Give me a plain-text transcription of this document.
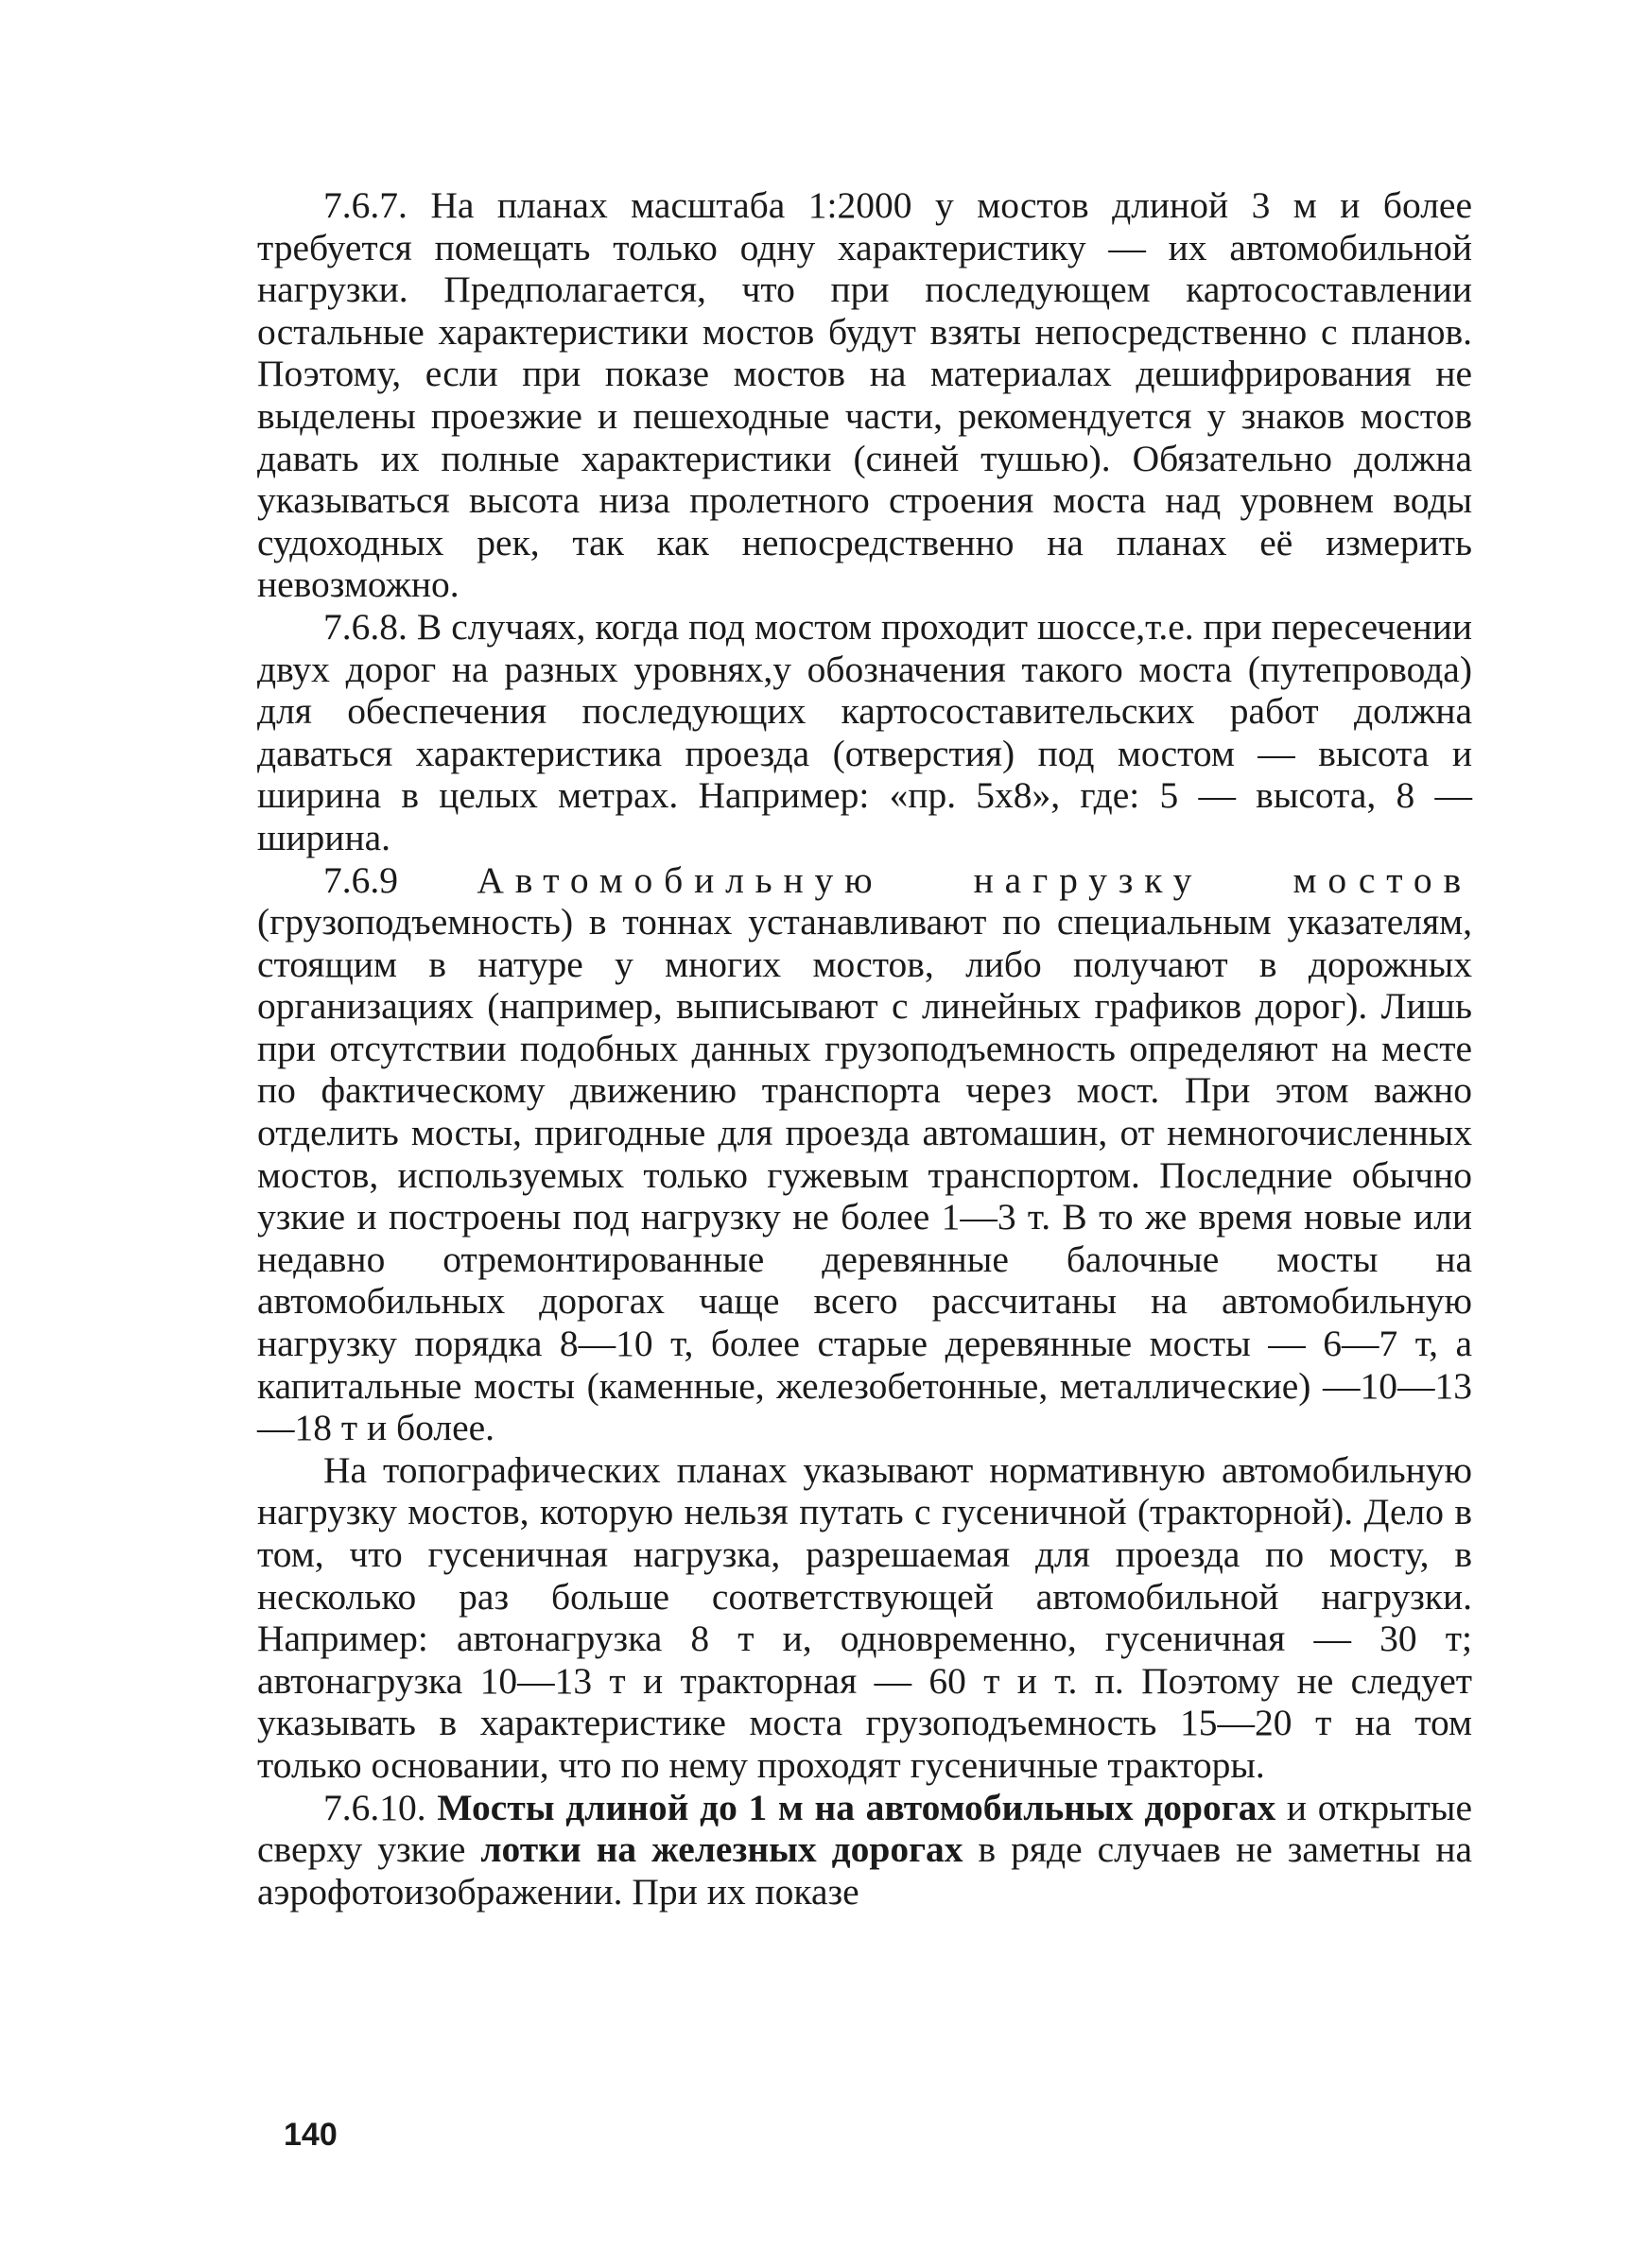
7.6.7. На планах масштаба 1:2000 у мостов длиной 3 м и более требуется помещать только одну характеристику — их автомобильной нагрузки. Предполагается, что при последующем картосоставлении остальные характеристики мостов будут взяты непосредственно с планов. Поэтому, если при показе мостов на материалах дешифрирования не выделены проезжие и пешеходные части, рекомендуется у знаков мостов давать их полные характеристики (синей тушью). Обязательно должна указываться высота низа пролетного строения моста над уровнем воды судоходных рек, так как непосредственно на планах её измерить невозможно.

7.6.8. В случаях, когда под мостом проходит шоссе,т.е. при пересечении двух дорог на разных уровнях,у обозначения такого моста (путепровода) для обеспечения последующих картосоставительских работ должна даваться характеристика проезда (отверстия) под мостом — высота и ширина в целых метрах. Например: «пр. 5х8», где: 5 — высота, 8 — ширина.

7.6.9 Автомобильную нагрузку мостов (грузоподъемность) в тоннах устанавливают по специальным указателям, стоящим в натуре у многих мостов, либо получают в дорожных организациях (например, выписывают с линейных графиков дорог). Лишь при отсутствии подобных данных грузоподъемность определяют на месте по фактическому движению транспорта через мост. При этом важно отделить мосты, пригодные для проезда автомашин, от немногочисленных мостов, используемых только гужевым транспортом. Последние обычно узкие и построены под нагрузку не более 1—3 т. В то же время новые или недавно отремонтированные деревянные балочные мосты на автомобильных дорогах чаще всего рассчитаны на автомобильную нагрузку порядка 8—10 т, более старые деревянные мосты — 6—7 т, а капитальные мосты (каменные, железобетонные, металлические) —10—13—18 т и более.

На топографических планах указывают нормативную автомобильную нагрузку мостов, которую нельзя путать с гусеничной (тракторной). Дело в том, что гусеничная нагрузка, разрешаемая для проезда по мосту, в несколько раз больше соответствующей автомобильной нагрузки. Например: автонагрузка 8 т и, одновременно, гусеничная — 30 т; автонагрузка 10—13 т и тракторная — 60 т и т. п. Поэтому не следует указывать в характеристике моста грузоподъемность 15—20 т на том только основании, что по нему проходят гусеничные тракторы.

7.6.10. Мосты длиной до 1 м на автомобильных дорогах и открытые сверху узкие лотки на железных дорогах в ряде случаев не заметны на аэрофотоизображении. При их показе

140
